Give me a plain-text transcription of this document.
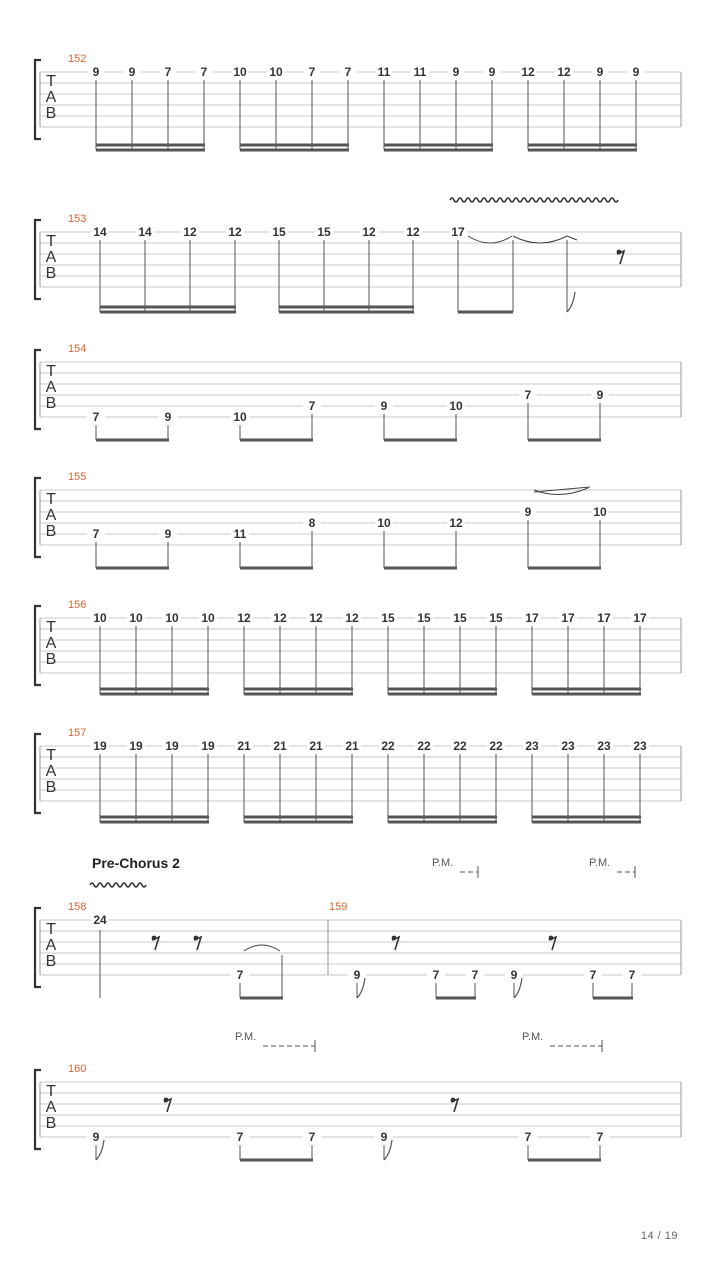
T
A
B
152
9 9 7 7 10 10 7 7 11 11 9 9 12 12 9 9
T
A
B
153
14	14	12	12	15	15	12	12	17
T
A
B
154
7	9	10
7	9	10
7	9
T
A
B
155
7	9	11
8	10	12
9	10
T
A
B
156
10 10 10 10 12 12 12 12 15 15 15 15 17 17 17 17
T
A
B
157
19 19 19 19 21 21 21 21 22 22 22 22 23 23 23 23
T
A
B
158
24
7	9	7	7	9	7	7
T
A
B
160
9	7	7	9	7	7
159
P.M.	P.M.
P.M.	P.M.
Pre-Chorus 2
14 / 19
